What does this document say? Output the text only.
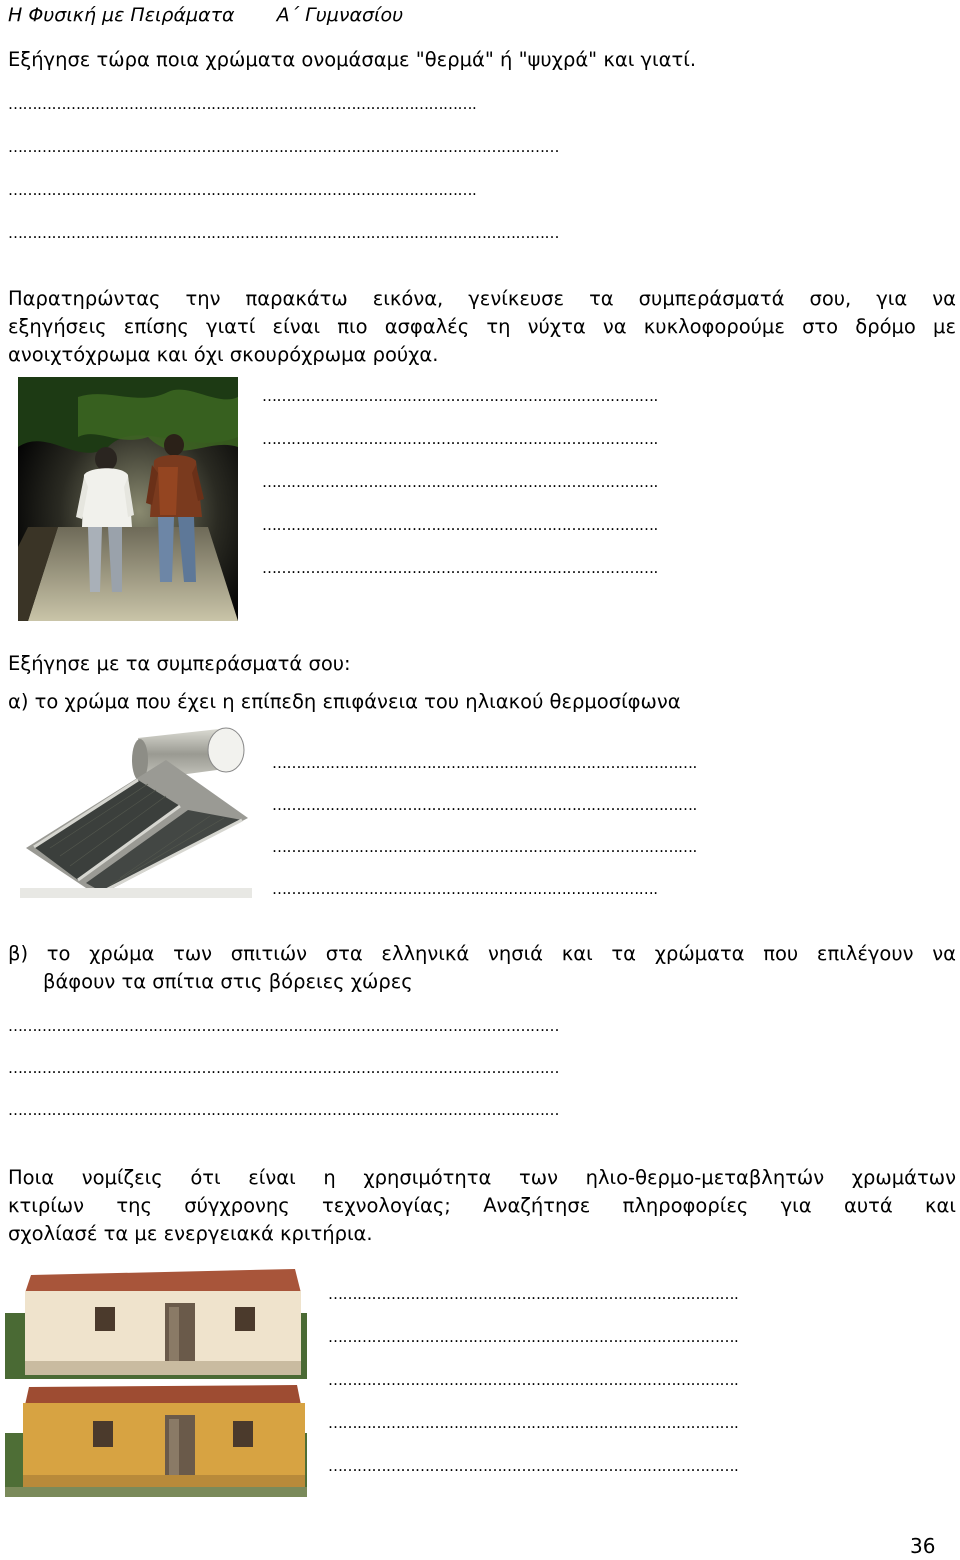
Η Φυσική με Πειράματα Α΄ Γυμνασίου
Εξήγησε τώρα ποια χρώματα ονομάσαμε "θερμά" ή "ψυχρά" και γιατί.
…………………………………………………………………………………….
……………………………………………………………………………………………………
…………………………………………………………………………………….
……………………………………………………………………………………………………
Παρατηρώντας την παρακάτω εικόνα, γενίκευσε τα συμπεράσματά σου, για να
εξηγήσεις επίσης γιατί είναι πιο ασφαλές τη νύχτα να κυκλοφορούμε στο δρόμο με
ανοιχτόχρωμα και όχι σκουρόχρωμα ρούχα.
……………………………………………………………………….
……………………………………………………………………….
……………………………………………………………………….
……………………………………………………………………….
……………………………………………………………………….
Εξήγησε με τα συμπεράσματά σου:
α) το χρώμα που έχει η επίπεδη επιφάνεια του ηλιακού θερμοσίφωνα
…………………………………………………………………………….
…………………………………………………………………………….
…………………………………………………………………………….
…………………………………….……………………………….
β) το χρώμα των σπιτιών στα ελληνικά νησιά και τα χρώματα που επιλέγουν να
βάφουν τα σπίτια στις βόρειες χώρες
……………………………………………………………………………………………………
……………………………………………………………………………………………………
……………………………………………………………………………………………………
Ποια νομίζεις ότι είναι η χρησιμότητα των ηλιο-θερμο-μεταβλητών χρωμάτων
κτιρίων της σύγχρονης τεχνολογίας; Αναζήτησε πληροφορίες για αυτά και
σχολίασέ τα με ενεργειακά κριτήρια.
………………………………………………………………………….
………………………………………………………………………….
………………………………………………………………………….
………………………………………………………………………….
………………………………………………………………………….
36
